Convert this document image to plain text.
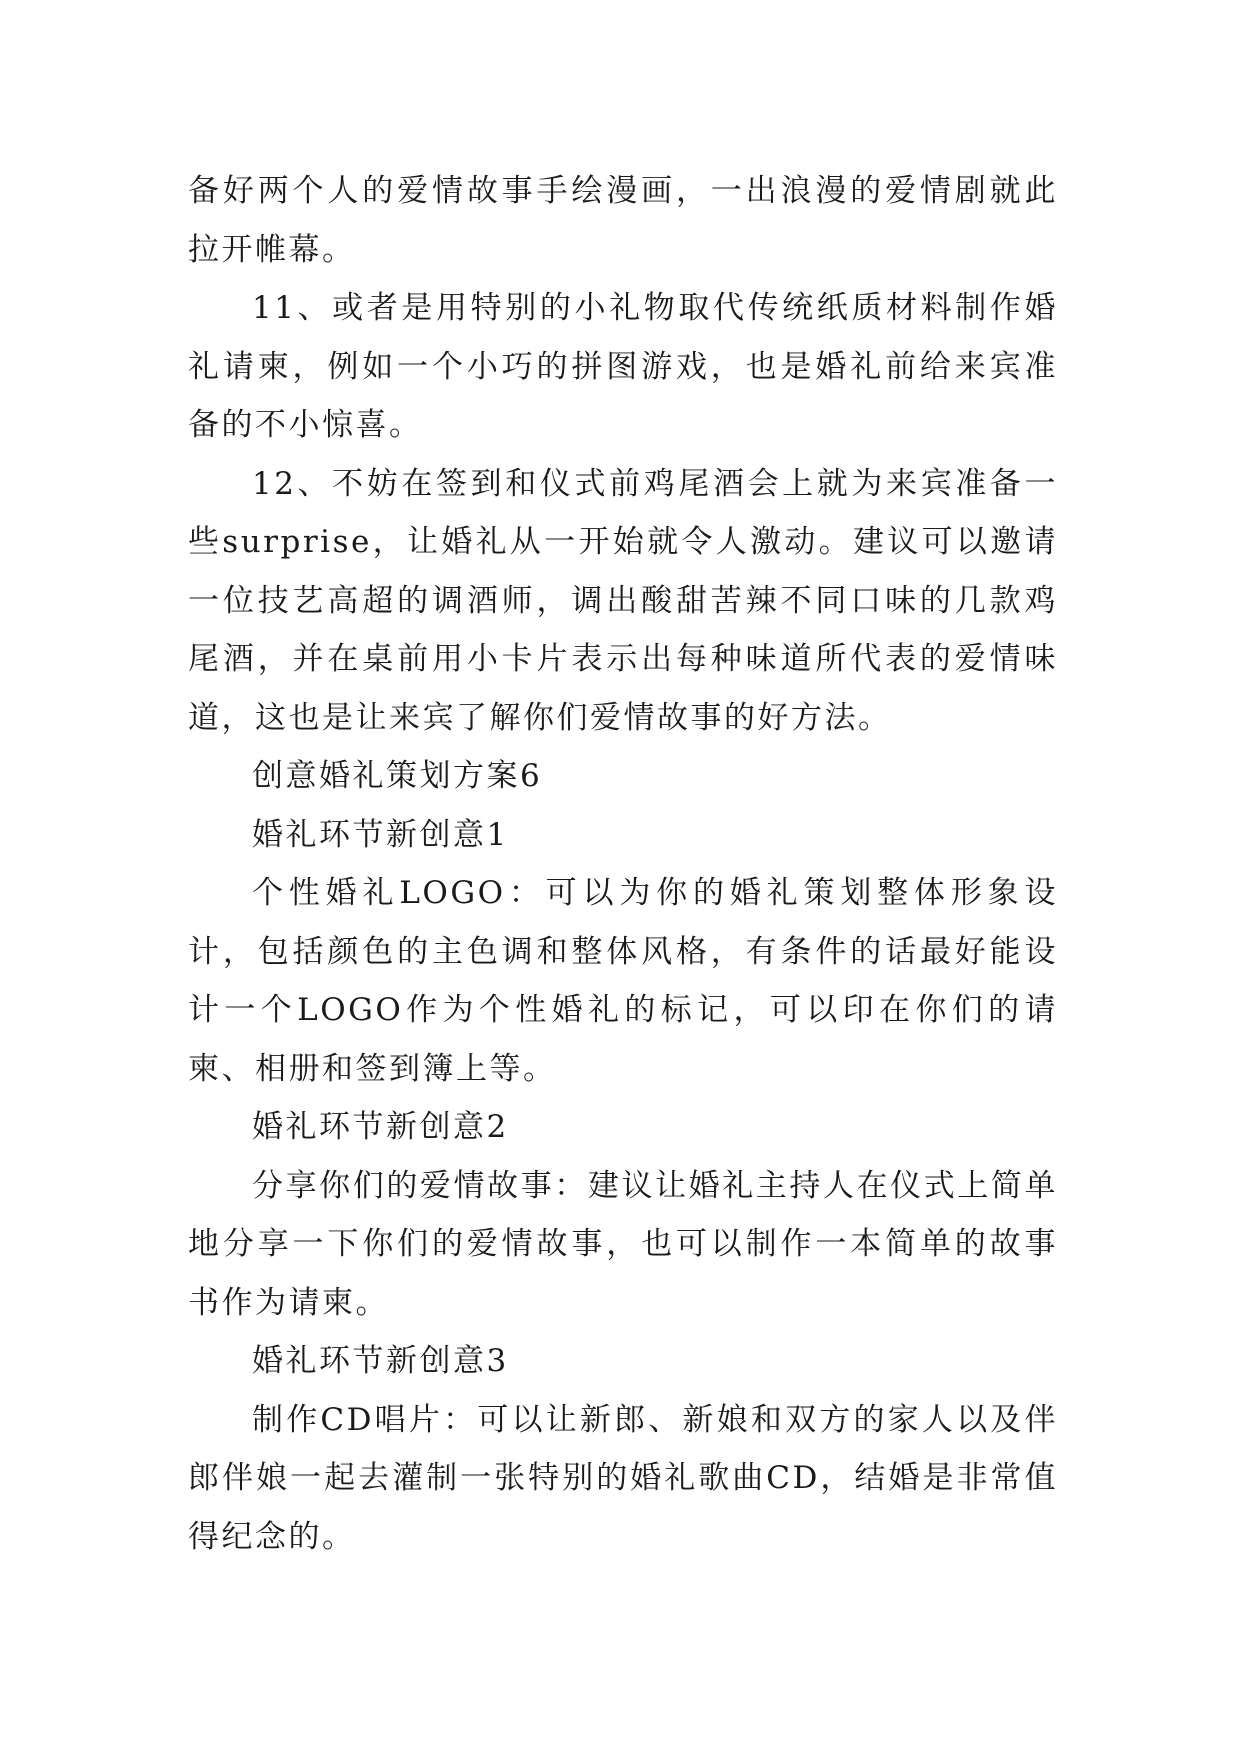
备好两个人的爱情故事手绘漫画，一出浪漫的爱情剧就此拉开帷幕。

11、或者是用特别的小礼物取代传统纸质材料制作婚礼请柬，例如一个小巧的拼图游戏，也是婚礼前给来宾准备的不小惊喜。

12、不妨在签到和仪式前鸡尾酒会上就为来宾准备一些surprise，让婚礼从一开始就令人激动。建议可以邀请一位技艺高超的调酒师，调出酸甜苦辣不同口味的几款鸡尾酒，并在桌前用小卡片表示出每种味道所代表的爱情味道，这也是让来宾了解你们爱情故事的好方法。

创意婚礼策划方案6

婚礼环节新创意1

个性婚礼LOGO：可以为你的婚礼策划整体形象设计，包括颜色的主色调和整体风格，有条件的话最好能设计一个LOGO作为个性婚礼的标记，可以印在你们的请柬、相册和签到簿上等。

婚礼环节新创意2

分享你们的爱情故事：建议让婚礼主持人在仪式上简单地分享一下你们的爱情故事，也可以制作一本简单的故事书作为请柬。

婚礼环节新创意3

制作CD唱片：可以让新郎、新娘和双方的家人以及伴郎伴娘一起去灌制一张特别的婚礼歌曲CD，结婚是非常值得纪念的。
